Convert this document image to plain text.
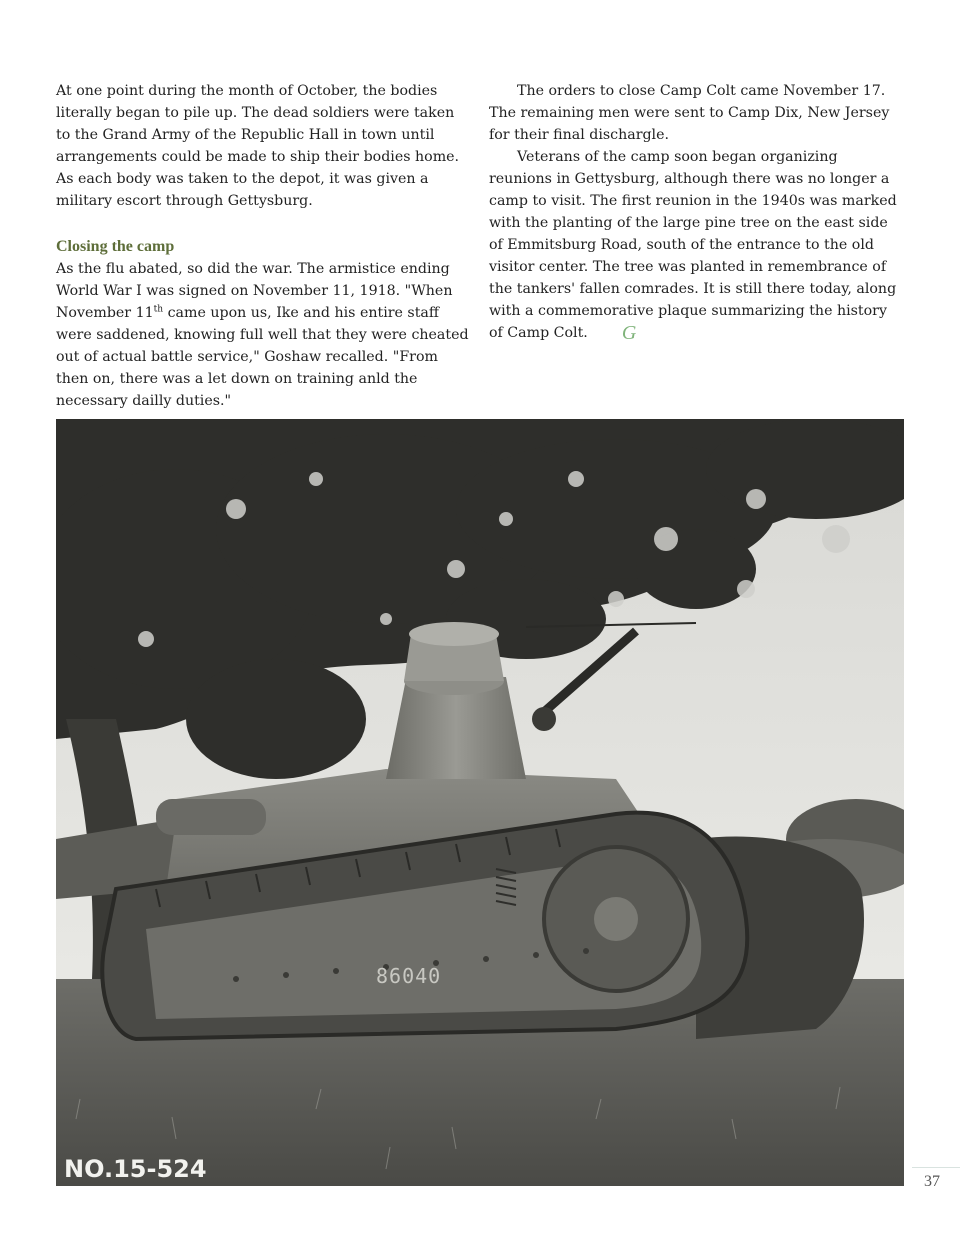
At one point during the month of October, the bodies literally began to pile up. The dead soldiers were taken to the Grand Army of the Republic Hall in town until arrangements could be made to ship their bodies home. As each body was taken to the depot, it was given a military escort through Gettysburg.

Closing the camp

As the flu abated, so did the war. The armistice ending World War I was signed on November 11, 1918. "When November 11th came upon us, Ike and his entire staff were saddened, knowing full well that they were cheated out of actual battle service," Goshaw recalled. "From then on, there was a let down on training anld the necessary dailly duties."

The orders to close Camp Colt came November 17. The remaining men were sent to Camp Dix, New Jersey for their final dischargle.

Veterans of the camp soon began organizing reunions in Gettysburg, although there was no longer a camp to visit. The first reunion in the 1940s was marked with the planting of the large pine tree on the east side of Emmitsburg Road, south of the entrance to the old visitor center. The tree was planted in remembrance of the tankers' fallen comrades. It is still there today, along with a commemorative plaque summarizing the history of Camp Colt. G

86040
NO.15-524	37
